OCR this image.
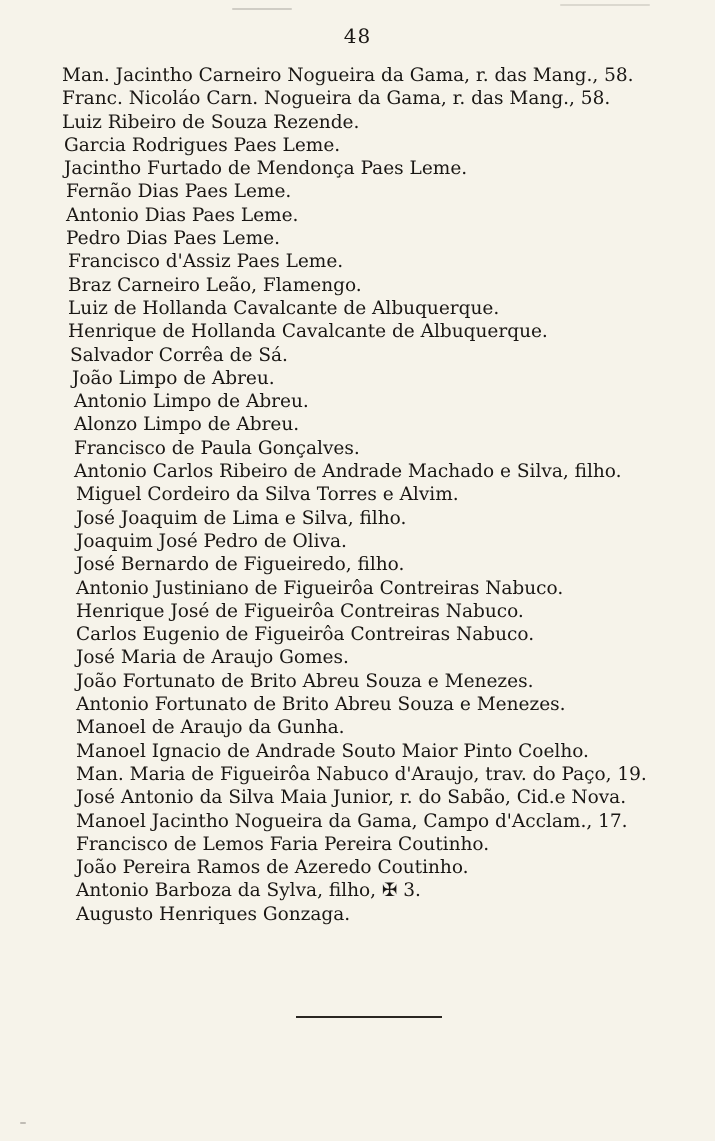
48
Man. Jacintho Carneiro Nogueira da Gama, r. das Mang., 58.
Franc. Nicoláo Carn. Nogueira da Gama, r. das Mang., 58.
Luiz Ribeiro de Souza Rezende.
Garcia Rodrigues Paes Leme.
Jacintho Furtado de Mendonça Paes Leme.
Fernão Dias Paes Leme.
Antonio Dias Paes Leme.
Pedro Dias Paes Leme.
Francisco d'Assiz Paes Leme.
Braz Carneiro Leão, Flamengo.
Luiz de Hollanda Cavalcante de Albuquerque.
Henrique de Hollanda Cavalcante de Albuquerque.
Salvador Corrêa de Sá.
João Limpo de Abreu.
Antonio Limpo de Abreu.
Alonzo Limpo de Abreu.
Francisco de Paula Gonçalves.
Antonio Carlos Ribeiro de Andrade Machado e Silva, filho.
Miguel Cordeiro da Silva Torres e Alvim.
José Joaquim de Lima e Silva, filho.
Joaquim José Pedro de Oliva.
José Bernardo de Figueiredo, filho.
Antonio Justiniano de Figueirôa Contreiras Nabuco.
Henrique José de Figueirôa Contreiras Nabuco.
Carlos Eugenio de Figueirôa Contreiras Nabuco.
José Maria de Araujo Gomes.
João Fortunato de Brito Abreu Souza e Menezes.
Antonio Fortunato de Brito Abreu Souza e Menezes.
Manoel de Araujo da Gunha.
Manoel Ignacio de Andrade Souto Maior Pinto Coelho.
Man. Maria de Figueirôa Nabuco d'Araujo, trav. do Paço, 19.
José Antonio da Silva Maia Junior, r. do Sabão, Cid.e Nova.
Manoel Jacintho Nogueira da Gama, Campo d'Acclam., 17.
Francisco de Lemos Faria Pereira Coutinho.
João Pereira Ramos de Azeredo Coutinho.
Antonio Barboza da Sylva, filho, ✠ 3.
Augusto Henriques Gonzaga.
